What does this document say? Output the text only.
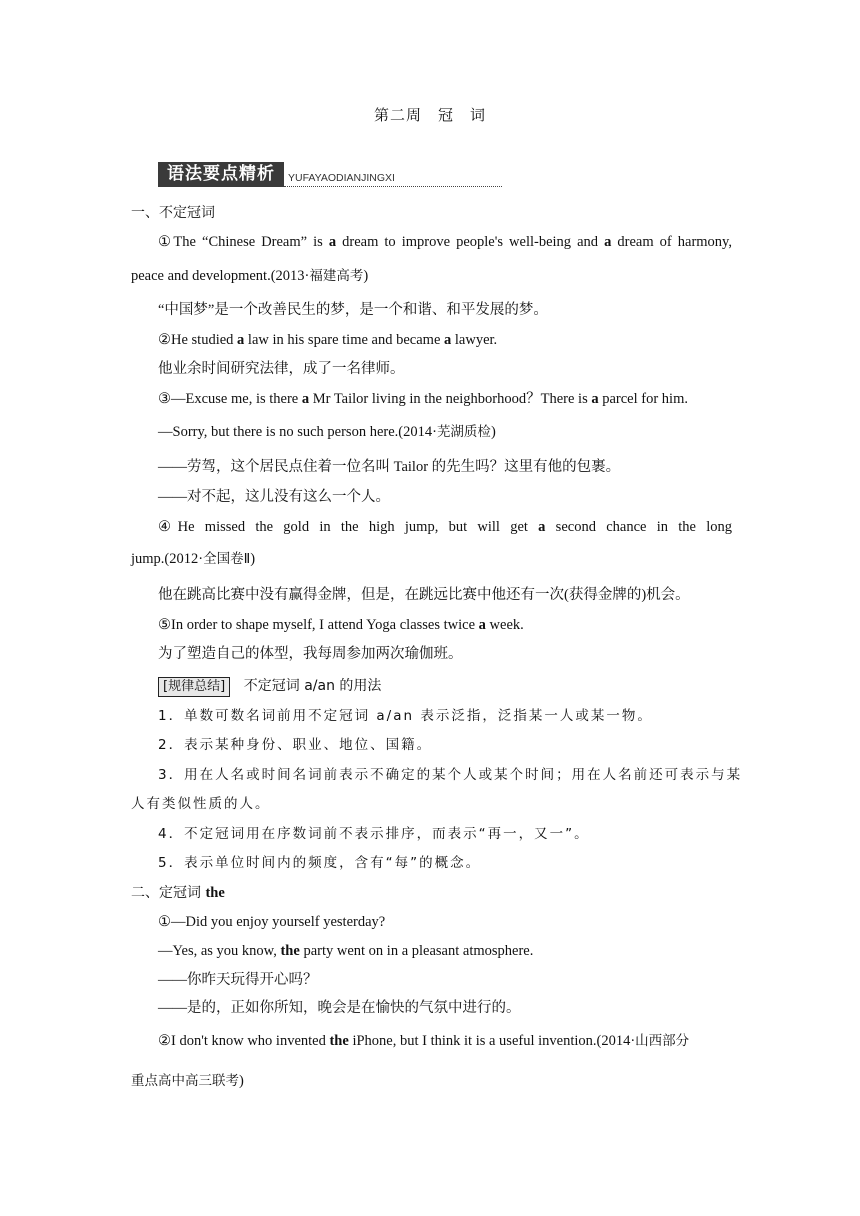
第二周　冠　词
语法要点精析	YUFAYAODIANJINGXI
一、不定冠词
①The “Chinese Dream” is a dream to improve people's well-being and a dream of harmony,
peace and development.(2013·福建高考)
“中国梦”是一个改善民生的梦，是一个和谐、和平发展的梦。
②He studied a law in his spare time and became a lawyer.
他业余时间研究法律，成了一名律师。
③—Excuse me, is there a Mr Tailor living in the neighborhood？There is a parcel for him.
—Sorry, but there is no such person here.(2014·芜湖质检)
——劳驾，这个居民点住着一位名叫 Tailor 的先生吗？这里有他的包裹。
——对不起，这儿没有这么一个人。
④He missed the gold in the high jump, but will get a second chance in the long
jump.(2012·全国卷Ⅱ)
他在跳高比赛中没有赢得金牌，但是，在跳远比赛中他还有一次(获得金牌的)机会。
⑤In order to shape myself, I attend Yoga classes twice a week.
为了塑造自己的体型，我每周参加两次瑜伽班。
[规律总结] 不定冠词 a/an 的用法
1．单数可数名词前用不定冠词 a/an 表示泛指，泛指某一人或某一物。
2．表示某种身份、职业、地位、国籍。
3．用在人名或时间名词前表示不确定的某个人或某个时间；用在人名前还可表示与某
人有类似性质的人。
4．不定冠词用在序数词前不表示排序，而表示“再一，又一”。
5．表示单位时间内的频度，含有“每”的概念。
二、定冠词 the
①—Did you enjoy yourself yesterday?
—Yes, as you know, the party went on in a pleasant atmosphere.
——你昨天玩得开心吗？
——是的，正如你所知，晚会是在愉快的气氛中进行的。
②I don't know who invented the iPhone, but I think it is a useful invention.(2014·山西部分
重点高中高三联考)
